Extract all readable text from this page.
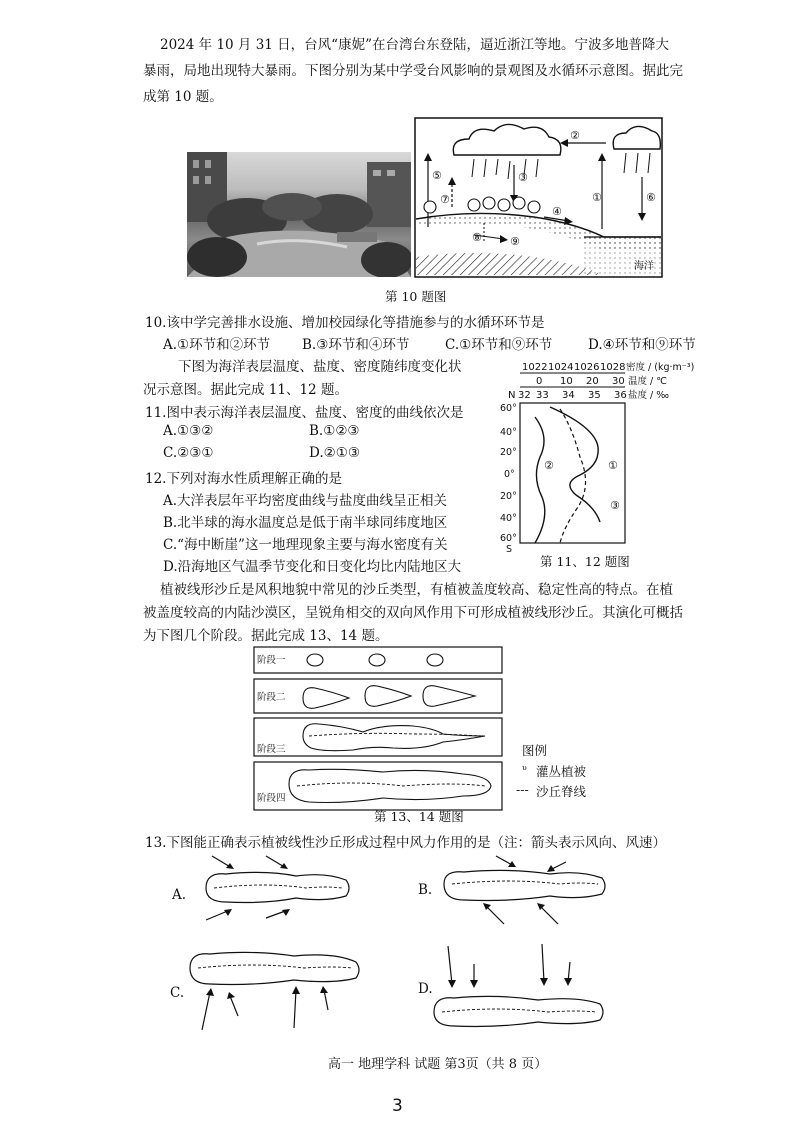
2024 年 10 月 31 日，台风“康妮”在台湾台东登陆，逼近浙江等地。宁波多地普降大
暴雨，局地出现特大暴雨。下图分别为某中学受台风影响的景观图及水循环示意图。据此完
成第 10 题。
海洋
②
⑤
⑦
③
①	⑥
④
⑧	⑨
第 10 题图
10.该中学完善排水设施、增加校园绿化等措施参与的水循环环节是
A.①环节和②环节 B.③环节和④环节	C.①环节和⑨环节	D.④环节和⑨环节
下图为海洋表层温度、盐度、密度随纬度变化状
况示意图。据此完成 11、12 题。
11.图中表示海洋表层温度、盐度、密度的曲线依次是
A.①③②	B.①②③
C.②③①	D.②①③
12.下列对海水性质理解正确的是
A.大洋表层年平均密度曲线与盐度曲线呈正相关
B.北半球的海水温度总是低于南半球同纬度地区
C.“海中断崖”这一地理现象主要与海水密度有关
D.沿海地区气温季节变化和日变化均比内陆地区大
1022 1024 1026 1028 密度 / (kg·m⁻³)
0 10 20 30 温度 / ℃
N 32 33 34 35 36 盐度 / ‰
60°
40°
20°
0°
20°
40°
60°
S
①
②
③
第 11、12 题图
植被线形沙丘是风积地貌中常见的沙丘类型，有植被盖度较高、稳定性高的特点。在植
被盖度较高的内陆沙漠区，呈锐角相交的双向风作用下可形成植被线形沙丘。其演化可概括
为下图几个阶段。据此完成 13、14 题。
阶段一
阶段二
阶段三
阶段四
图例
ᶹ 灌丛植被
--- 沙丘脊线
第 13、14 题图
13.下图能正确表示植被线性沙丘形成过程中风力作用的是（注：箭头表示风向、风速）
A.	B.
C.	D.
高一 地理学科 试题 第3页（共 8 页）
3
